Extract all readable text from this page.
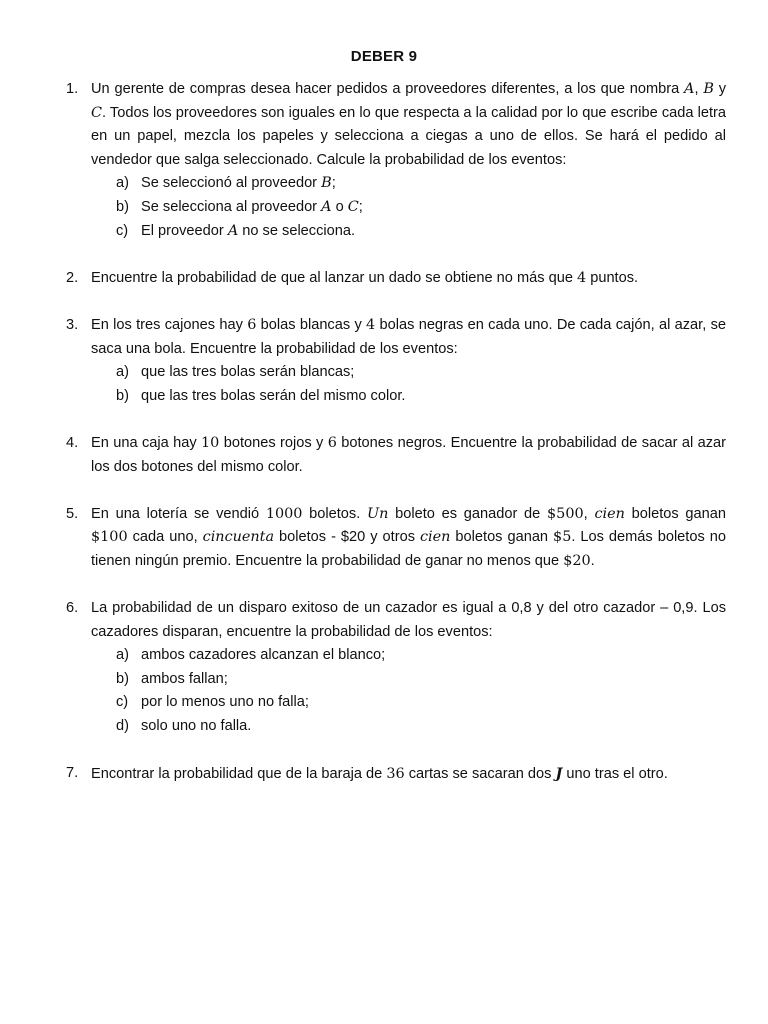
DEBER 9
1. Un gerente de compras desea hacer pedidos a proveedores diferentes, a los que nombra A, B y C. Todos los proveedores son iguales en lo que respecta a la calidad por lo que escribe cada letra en un papel, mezcla los papeles y selecciona a ciegas a uno de ellos. Se hará el pedido al vendedor que salga seleccionado. Calcule la probabilidad de los eventos:
a) Se seleccionó al proveedor B;
b) Se selecciona al proveedor A o C;
c) El proveedor A no se selecciona.
2. Encuentre la probabilidad de que al lanzar un dado se obtiene no más que 4 puntos.
3. En los tres cajones hay 6 bolas blancas y 4 bolas negras en cada uno. De cada cajón, al azar, se saca una bola. Encuentre la probabilidad de los eventos:
a) que las tres bolas serán blancas;
b) que las tres bolas serán del mismo color.
4. En una caja hay 10 botones rojos y 6 botones negros. Encuentre la probabilidad de sacar al azar los dos botones del mismo color.
5. En una lotería se vendió 1000 boletos. Un boleto es ganador de $500, cien boletos ganan $100 cada uno, cincuenta boletos - $20 y otros cien boletos ganan $5. Los demás boletos no tienen ningún premio. Encuentre la probabilidad de ganar no menos que $20.
6. La probabilidad de un disparo exitoso de un cazador es igual a 0,8 y del otro cazador – 0,9. Los cazadores disparan, encuentre la probabilidad de los eventos:
a) ambos cazadores alcanzan el blanco;
b) ambos fallan;
c) por lo menos uno no falla;
d) solo uno no falla.
7. Encontrar la probabilidad que de la baraja de 36 cartas se sacaran dos J uno tras el otro.
